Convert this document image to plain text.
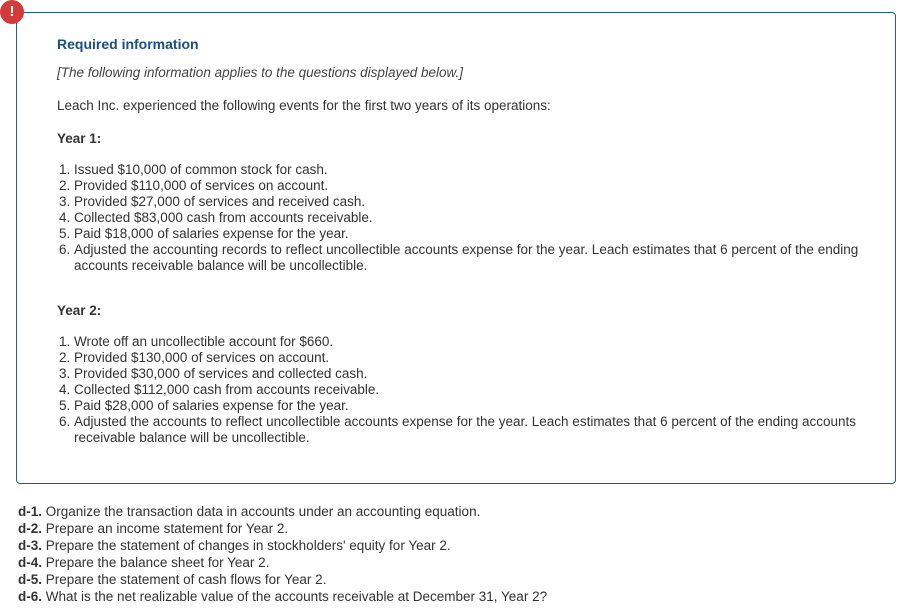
!

Required information

[The following information applies to the questions displayed below.]

Leach Inc. experienced the following events for the first two years of its operations:

Year 1:

1. Issued $10,000 of common stock for cash.
2. Provided $110,000 of services on account.
3. Provided $27,000 of services and received cash.
4. Collected $83,000 cash from accounts receivable.
5. Paid $18,000 of salaries expense for the year.
6. Adjusted the accounting records to reflect uncollectible accounts expense for the year. Leach estimates that 6 percent of the ending accounts receivable balance will be uncollectible.

Year 2:

1. Wrote off an uncollectible account for $660.
2. Provided $130,000 of services on account.
3. Provided $30,000 of services and collected cash.
4. Collected $112,000 cash from accounts receivable.
5. Paid $28,000 of salaries expense for the year.
6. Adjusted the accounts to reflect uncollectible accounts expense for the year. Leach estimates that 6 percent of the ending accounts receivable balance will be uncollectible.
d-1. Organize the transaction data in accounts under an accounting equation.
d-2. Prepare an income statement for Year 2.
d-3. Prepare the statement of changes in stockholders' equity for Year 2.
d-4. Prepare the balance sheet for Year 2.
d-5. Prepare the statement of cash flows for Year 2.
d-6. What is the net realizable value of the accounts receivable at December 31, Year 2?
